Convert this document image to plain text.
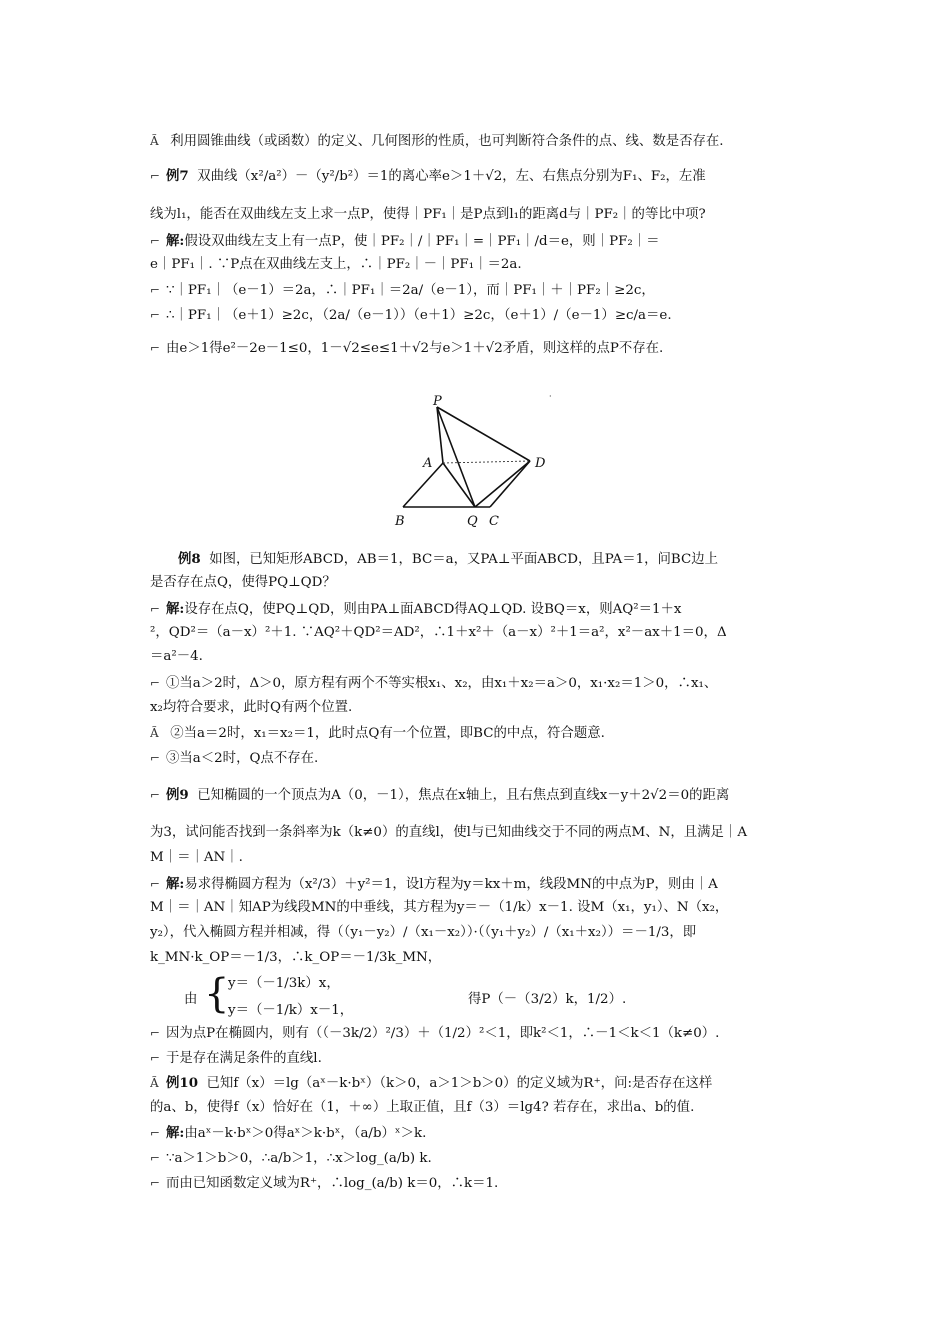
Ã 利用圆锥曲线（或函数）的定义、几何图形的性质，也可判断符合条件的点、线、数是否存在.
⌐ 例7 双曲线（x²/a²）－（y²/b²）＝1的离心率e＞1＋√2，左、右焦点分别为F₁、F₂，左准
线为l₁，能否在双曲线左支上求一点P，使得｜PF₁｜是P点到l₁的距离d与｜PF₂｜的等比中项?
⌐ 解:假设双曲线左支上有一点P，使｜PF₂｜/｜PF₁｜=｜PF₁｜/d＝e，则｜PF₂｜＝
e｜PF₁｜. ∵P点在双曲线左支上，∴｜PF₂｜－｜PF₁｜＝2a.
⌐ ∵｜PF₁｜（e－1）＝2a，∴｜PF₁｜＝2a/（e－1），而｜PF₁｜＋｜PF₂｜≥2c，
⌐ ∴｜PF₁｜（e＋1）≥2c，（2a/（e－1））（e＋1）≥2c，（e＋1）/（e－1）≥c/a＝e.
⌐ 由e＞1得e²－2e－1≤0，1－√2≤e≤1＋√2与e＞1＋√2矛盾，则这样的点P不存在.
P
A	D
B	Q C
·
例8 如图，已知矩形ABCD，AB＝1，BC＝a，又PA⊥平面ABCD，且PA＝1，问BC边上
是否存在点Q，使得PQ⊥QD？
⌐ 解:设存在点Q，使PQ⊥QD，则由PA⊥面ABCD得AQ⊥QD. 设BQ＝x，则AQ²＝1＋x
²，QD²＝（a－x）²＋1. ∵AQ²＋QD²＝AD²，∴1＋x²＋（a－x）²＋1＝a²，x²－ax＋1＝0，Δ
＝a²－4.
⌐ ①当a＞2时，Δ＞0，原方程有两个不等实根x₁、x₂，由x₁＋x₂＝a＞0，x₁·x₂＝1＞0，∴x₁、
x₂均符合要求，此时Q有两个位置.
Ã ②当a＝2时，x₁＝x₂＝1，此时点Q有一个位置，即BC的中点，符合题意.
⌐ ③当a＜2时，Q点不存在.
⌐ 例9 已知椭圆的一个顶点为A（0，－1），焦点在x轴上，且右焦点到直线x－y＋2√2＝0的距离
为3，试问能否找到一条斜率为k（k≠0）的直线l，使l与已知曲线交于不同的两点M、N，且满足｜A
M｜＝｜AN｜.
⌐ 解:易求得椭圆方程为（x²/3）＋y²＝1，设l方程为y＝kx＋m，线段MN的中点为P，则由｜A
M｜＝｜AN｜知AP为线段MN的中垂线，其方程为y＝－（1/k）x－1. 设M（x₁，y₁）、N（x₂，
y₂），代入椭圆方程并相减，得（（y₁－y₂）/（x₁－x₂））·（（y₁＋y₂）/（x₁＋x₂））＝－1/3，即
k_MN·k_OP＝－1/3，∴k_OP＝－1/3k_MN，
由 {
y＝（－1/3k）x，
y＝（－1/k）x－1，
得P（－（3/2）k，1/2）.
⌐ 因为点P在椭圆内，则有（（－3k/2）²/3）＋（1/2）²＜1，即k²＜1，∴－1＜k＜1（k≠0）.
⌐ 于是存在满足条件的直线l.
Ã 例10 已知f（x）＝lg（aˣ－k·bˣ）（k＞0，a＞1＞b＞0）的定义域为R⁺，问:是否存在这样
的a、b，使得f（x）恰好在（1，＋∞）上取正值，且f（3）＝lg4? 若存在，求出a、b的值.
⌐ 解:由aˣ－k·bˣ＞0得aˣ＞k·bˣ，（a/b）ˣ＞k.
⌐ ∵a＞1＞b＞0，∴a/b＞1，∴x＞log_(a/b) k.
⌐ 而由已知函数定义域为R⁺，∴log_(a/b) k＝0，∴k＝1.
